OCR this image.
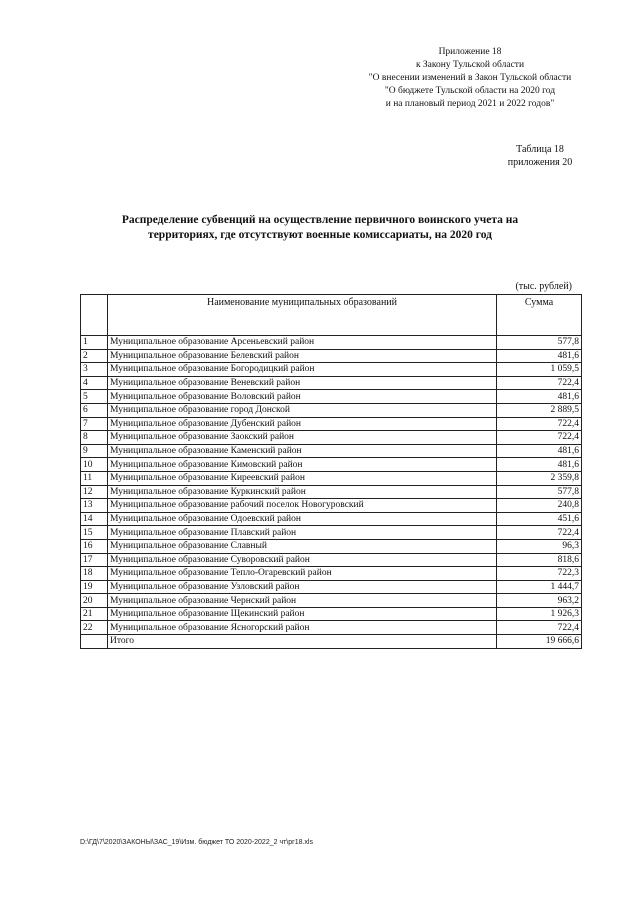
Приложение 18
к Закону Тульской области
"О внесении изменений в Закон Тульской области
"О бюджете Тульской области на 2020 год
и на плановый период 2021 и 2022 годов"
Таблица 18
приложения 20
Распределение субвенций на осуществление первичного воинского учета на
территориях, где отсутствуют военные комиссариаты, на 2020 год
(тыс. рублей)
	Наименование муниципальных образований	Сумма
1	Муниципальное образование Арсеньевский район	577,8
2	Муниципальное образование Белевский район	481,6
3	Муниципальное образование Богородицкий район	1 059,5
4	Муниципальное образование Веневский район	722,4
5	Муниципальное образование Воловский район	481,6
6	Муниципальное образование город Донской	2 889,5
7	Муниципальное образование Дубенский район	722,4
8	Муниципальное образование Заокский район	722,4
9	Муниципальное образование Каменский район	481,6
10	Муниципальное образование Кимовский район	481,6
11	Муниципальное образование Киреевский район	2 359,8
12	Муниципальное образование Куркинский район	577,8
13	Муниципальное образование рабочий поселок Новогуровский	240,8
14	Муниципальное образование Одоевский район	451,6
15	Муниципальное образование Плавский район	722,4
16	Муниципальное образование Славный	96,3
17	Муниципальное образование Суворовский район	818,6
18	Муниципальное образование Тепло-Огаревский район	722,3
19	Муниципальное образование Узловский район	1 444,7
20	Муниципальное образование Чернский район	963,2
21	Муниципальное образование Щекинский район	1 926,3
22	Муниципальное образование Ясногорский район	722,4
	Итого	19 666,6
D:\ГД\7\2020\ЗАКОНЫ\ЗАС_19\Изм. бюджет ТО 2020-2022_2 чт\рг18.xls
